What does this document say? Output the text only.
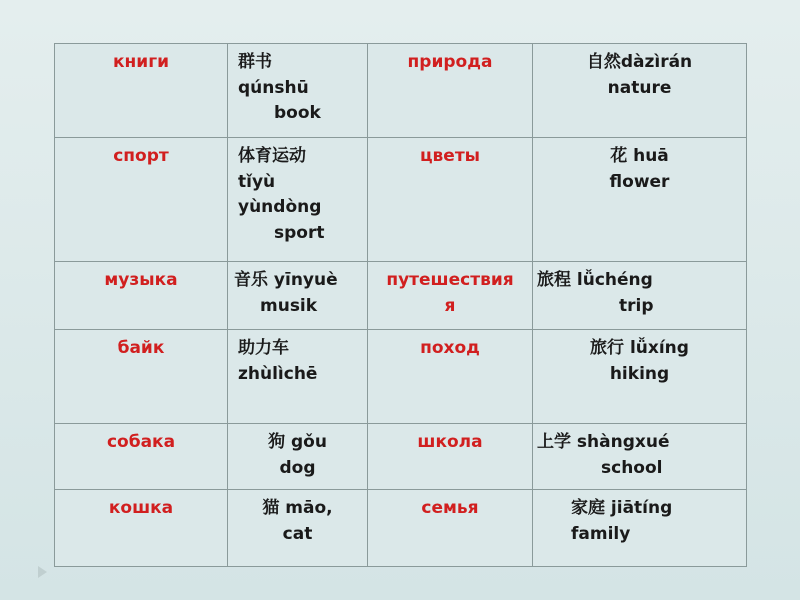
книги	群书
qúnshū
book	природа	自然dàzìrán
nature

спорт	体育运动
tǐyù
yùndòng
sport	цветы	花 huā
flower

музыка	音乐 yīnyuè
musik	путешеств​ия
я	旅程 lǚchéng
trip

байк	助力车
zhùlìchē	поход	旅行 lǚxíng
hiking

собака	狗 gǒu
dog	школа	上学 shàngxué
school

кошка	猫 māo,
cat	семья	家庭 jiātíng
family
